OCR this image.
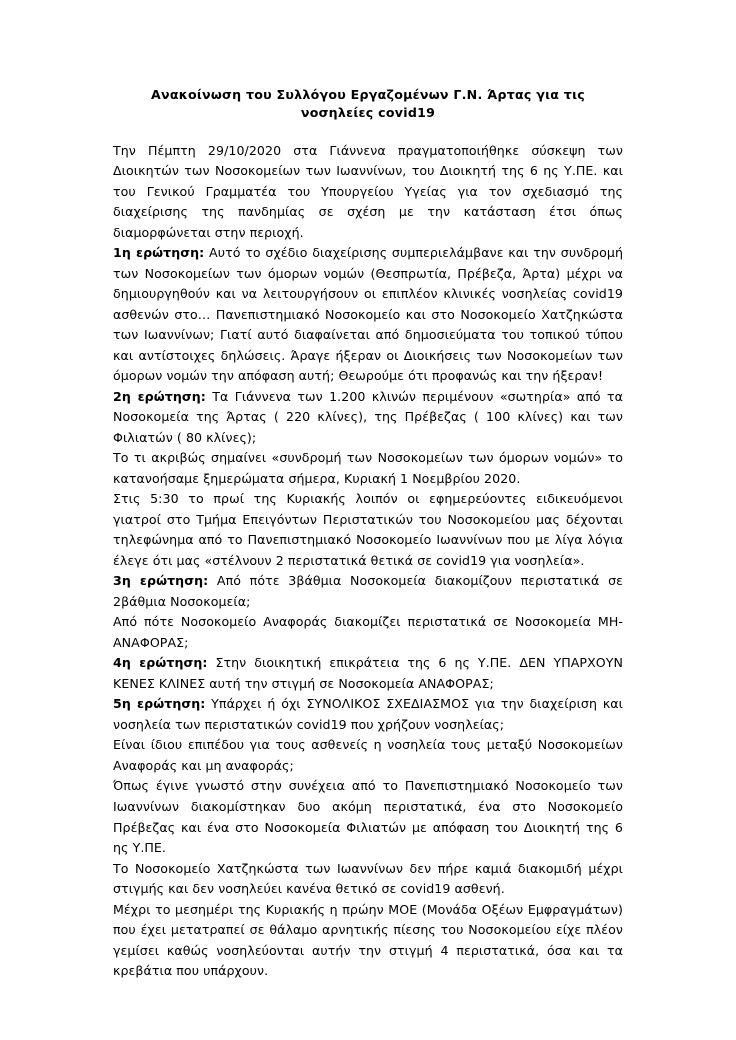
Ανακοίνωση του Συλλόγου Εργαζομένων Γ.Ν. Άρτας για τις νοσηλείες covid19

Την Πέμπτη 29/10/2020 στα Γιάννενα πραγματοποιήθηκε σύσκεψη των Διοικητών των Νοσοκομείων των Ιωαννίνων, του Διοικητή της 6 ης Υ.ΠΕ. και του Γενικού Γραμματέα του Υπουργείου Υγείας για τον σχεδιασμό της διαχείρισης της πανδημίας σε σχέση με την κατάσταση έτσι όπως διαμορφώνεται στην περιοχή.

1η ερώτηση: Αυτό το σχέδιο διαχείρισης συμπεριελάμβανε και την συνδρομή των Νοσοκομείων των όμορων νομών (Θεσπρωτία, Πρέβεζα, Άρτα) μέχρι να δημιουργηθούν και να λειτουργήσουν οι επιπλέον κλινικές νοσηλείας covid19 ασθενών στο… Πανεπιστημιακό Νοσοκομείο και στο Νοσοκομείο Χατζηκώστα των Ιωαννίνων; Γιατί αυτό διαφαίνεται από δημοσιεύματα του τοπικού τύπου και αντίστοιχες δηλώσεις. Άραγε ήξεραν οι Διοικήσεις των Νοσοκομείων των όμορων νομών την απόφαση αυτή; Θεωρούμε ότι προφανώς και την ήξεραν!

2η ερώτηση: Τα Γιάννενα των 1.200 κλινών περιμένουν «σωτηρία» από τα Νοσοκομεία της Άρτας ( 220 κλίνες), της Πρέβεζας ( 100 κλίνες) και των Φιλιατών ( 80 κλίνες);

Το τι ακριβώς σημαίνει «συνδρομή των Νοσοκομείων των όμορων νομών» το κατανοήσαμε ξημερώματα σήμερα, Κυριακή 1 Νοεμβρίου 2020.

Στις 5:30 το πρωί της Κυριακής λοιπόν οι εφημερεύοντες ειδικευόμενοι γιατροί στο Τμήμα Επειγόντων Περιστατικών του Νοσοκομείου μας δέχονται τηλεφώνημα από το Πανεπιστημιακό Νοσοκομείο Ιωαννίνων που με λίγα λόγια έλεγε ότι μας «στέλνουν 2 περιστατικά θετικά σε covid19 για νοσηλεία».

3η ερώτηση: Από πότε 3βάθμια Νοσοκομεία διακομίζουν περιστατικά σε 2βάθμια Νοσοκομεία;

Από πότε Νοσοκομείο Αναφοράς διακομίζει περιστατικά σε Νοσοκομεία ΜΗ-ΑΝΑΦΟΡΑΣ;

4η ερώτηση: Στην διοικητική επικράτεια της 6 ης Υ.ΠΕ. ΔΕΝ ΥΠΑΡΧΟΥΝ ΚΕΝΕΣ ΚΛΙΝΕΣ αυτή την στιγμή σε Νοσοκομεία ΑΝΑΦΟΡΑΣ;

5η ερώτηση: Υπάρχει ή όχι ΣΥΝΟΛΙΚΟΣ ΣΧΕΔΙΑΣΜΟΣ για την διαχείριση και νοσηλεία των περιστατικών covid19 που χρήζουν νοσηλείας;

Είναι ίδιου επιπέδου για τους ασθενείς η νοσηλεία τους μεταξύ Νοσοκομείων Αναφοράς και μη αναφοράς;

Όπως έγινε γνωστό στην συνέχεια από το Πανεπιστημιακό Νοσοκομείο των Ιωαννίνων διακομίστηκαν δυο ακόμη περιστατικά, ένα στο Νοσοκομείο Πρέβεζας και ένα στο Νοσοκομεία Φιλιατών με απόφαση του Διοικητή της 6 ης Υ.ΠΕ.

Το Νοσοκομείο Χατζηκώστα των Ιωαννίνων δεν πήρε καμιά διακομιδή μέχρι στιγμής και δεν νοσηλεύει κανένα θετικό σε covid19 ασθενή.

Μέχρι το μεσημέρι της Κυριακής η πρώην ΜΟΕ (Μονάδα Οξέων Εμφραγμάτων) που έχει μετατραπεί σε θάλαμο αρνητικής πίεσης του Νοσοκομείου είχε πλέον γεμίσει καθώς νοσηλεύονται αυτήν την στιγμή 4 περιστατικά, όσα και τα κρεβάτια που υπάρχουν.
